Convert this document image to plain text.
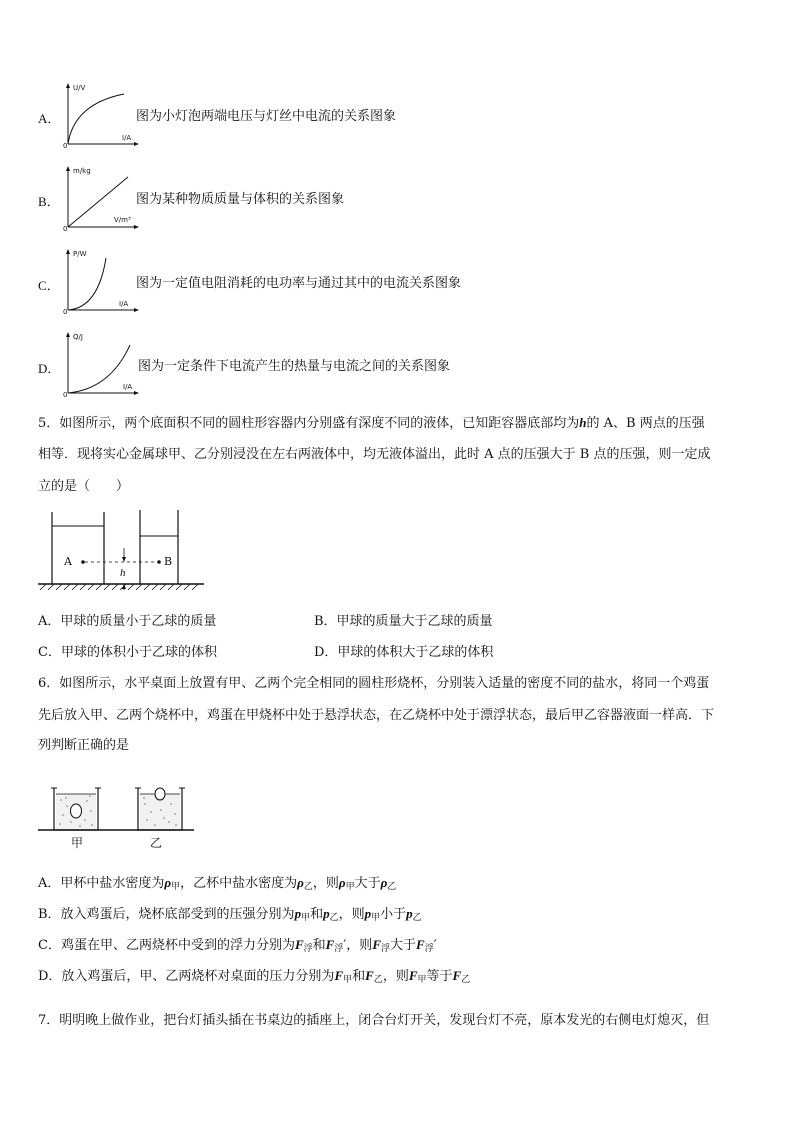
A．
U/V
I/A
0
图为小灯泡两端电压与灯丝中电流的关系图象
B．
m/kg
V/m³
0
图为某种物质质量与体积的关系图象
C．
P/W
I/A
0
图为一定值电阻消耗的电功率与通过其中的电流关系图象
D．
Q/J
I/A
0
图为一定条件下电流产生的热量与电流之间的关系图象
5．如图所示，两个底面积不同的圆柱形容器内分别盛有深度不同的液体，已知距容器底部均为h的 A、B 两点的压强
相等．现将实心金属球甲、乙分别浸没在左右两液体中，均无液体溢出，此时 A 点的压强大于 B 点的压强，则一定成
立的是（　　）
A	B
h
A．甲球的质量小于乙球的质量	B．甲球的质量大于乙球的质量
C．甲球的体积小于乙球的体积	D．甲球的体积大于乙球的体积
6．如图所示，水平桌面上放置有甲、乙两个完全相同的圆柱形烧杯，分别装入适量的密度不同的盐水，将同一个鸡蛋
先后放入甲、乙两个烧杯中，鸡蛋在甲烧杯中处于悬浮状态，在乙烧杯中处于漂浮状态，最后甲乙容器液面一样高．下
列判断正确的是
甲	乙
A．甲杯中盐水密度为$\rho_甲$，乙杯中盐水密度为$\rho_乙$，则$\rho_甲$大于$\rho_乙$
B．放入鸡蛋后，烧杯底部受到的压强分别为$p_甲$和$p_乙$，则$p_甲$小于$p_乙$
C．鸡蛋在甲、乙两烧杯中受到的浮力分别为$F_浮$和$F_浮'$，则$F_浮$大于$F_浮'$
D．放入鸡蛋后，甲、乙两烧杯对桌面的压力分别为$F_甲$和$F_乙$，则$F_甲$等于$F_乙$
7．明明晚上做作业，把台灯插头插在书桌边的插座上，闭合台灯开关，发现台灯不亮，原本发光的右侧电灯熄灭，但
